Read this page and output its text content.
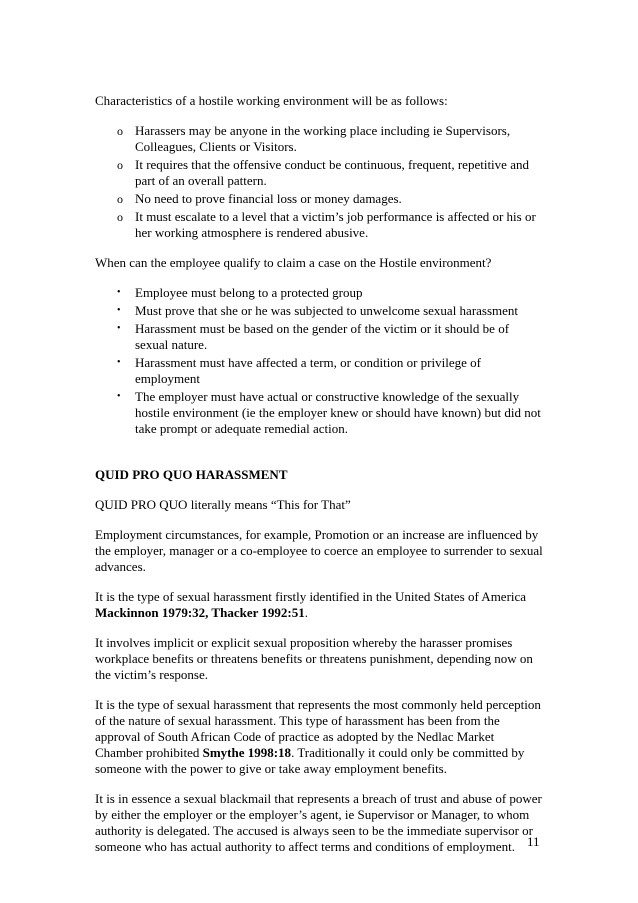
Characteristics of a hostile working environment will be as follows:

o Harassers may be anyone in the working place including ie Supervisors, Colleagues, Clients or Visitors.
o It requires that the offensive conduct be continuous, frequent, repetitive and part of an overall pattern.
o No need to prove financial loss or money damages.
o It must escalate to a level that a victim’s job performance is affected or his or her working atmosphere is rendered abusive.

When can the employee qualify to claim a case on the Hostile environment?

• Employee must belong to a protected group
• Must prove that she or he was subjected to unwelcome sexual harassment
• Harassment must be based on the gender of the victim or it should be of sexual nature.
• Harassment must have affected a term, or condition or privilege of employment
• The employer must have actual or constructive knowledge of the sexually hostile environment (ie the employer knew or should have known) but did not take prompt or adequate remedial action.

QUID PRO QUO HARASSMENT

QUID PRO QUO literally means “This for That”

Employment circumstances, for example, Promotion or an increase are influenced by the employer, manager or a co-employee to coerce an employee to surrender to sexual advances.

It is the type of sexual harassment firstly identified in the United States of America Mackinnon 1979:32, Thacker 1992:51.

It involves implicit or explicit sexual proposition whereby the harasser promises workplace benefits or threatens benefits or threatens punishment, depending now on the victim’s response.

It is the type of sexual harassment that represents the most commonly held perception of the nature of sexual harassment. This type of harassment has been from the approval of South African Code of practice as adopted by the Nedlac Market Chamber prohibited Smythe 1998:18. Traditionally it could only be committed by someone with the power to give or take away employment benefits.

It is in essence a sexual blackmail that represents a breach of trust and abuse of power by either the employer or the employer’s agent, ie Supervisor or Manager, to whom authority is delegated. The accused is always seen to be the immediate supervisor or someone who has actual authority to affect terms and conditions of employment. 11
